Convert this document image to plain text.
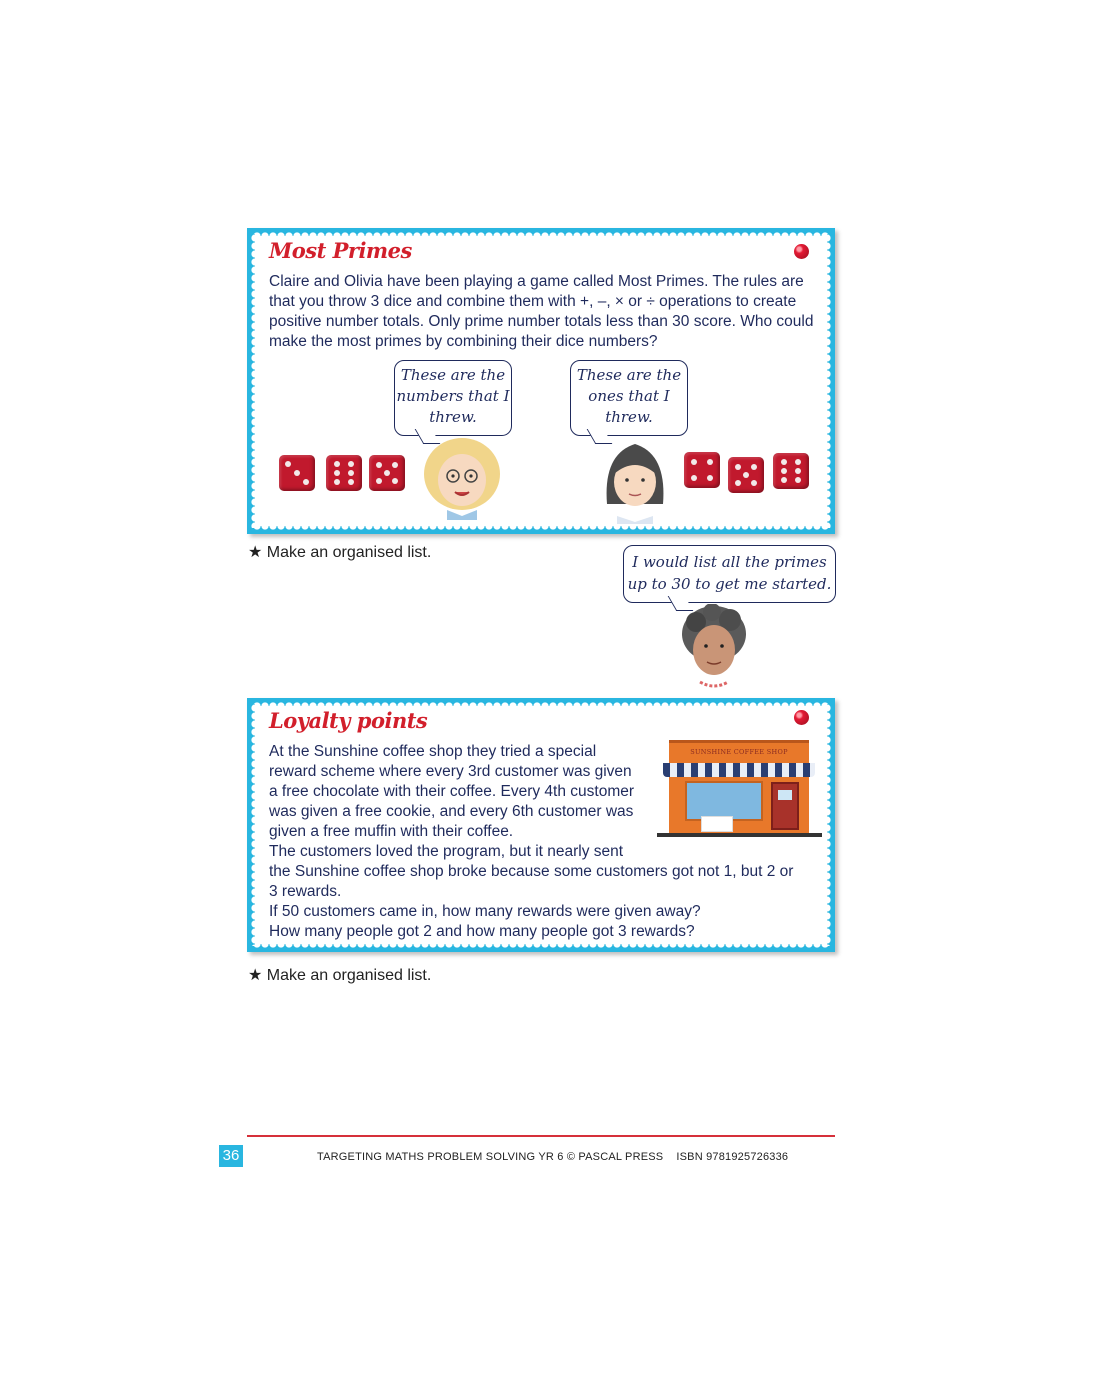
Most Primes
Claire and Olivia have been playing a game called Most Primes. The rules are that you throw 3 dice and combine them with +, –, × or ÷ operations to create positive number totals. Only prime number totals less than 30 score. Who could make the most primes by combining their dice numbers?
These are the numbers that I threw.
These are the ones that I threw.
★ Make an organised list.
I would list all the primes up to 30 to get me started.
Loyalty points
At the Sunshine coffee shop they tried a special
reward scheme where every 3rd customer was given
a free chocolate with their coffee. Every 4th customer
was given a free cookie, and every 6th customer was
given a free muffin with their coffee.
The customers loved the program, but it nearly sent
the Sunshine coffee shop broke because some customers got not 1, but 2 or
3 rewards.
If 50 customers came in, how many rewards were given away?
How many people got 2 and how many people got 3 rewards?
SUNSHINE COFFEE SHOP
★ Make an organised list.
36	TARGETING MATHS PROBLEM SOLVING YR 6 © PASCAL PRESS    ISBN 9781925726336
